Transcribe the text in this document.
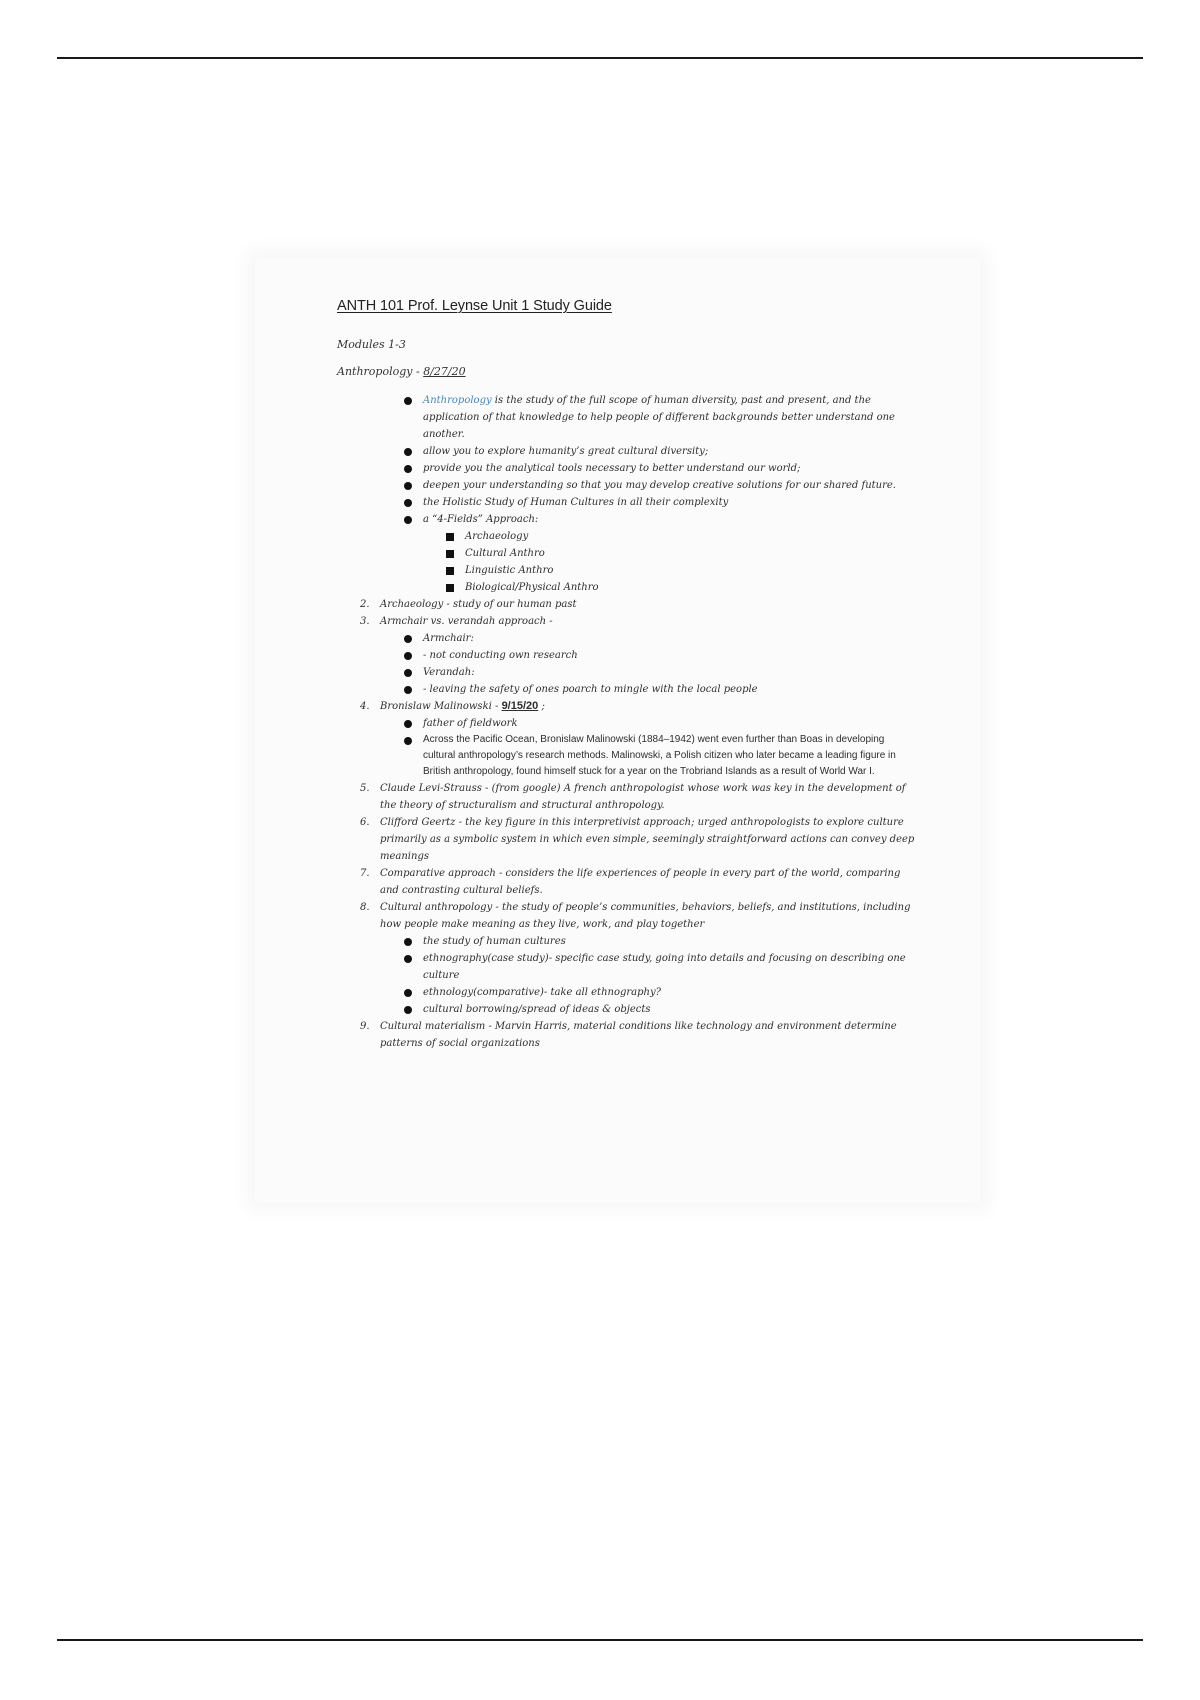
ANTH 101 Prof. Leynse Unit 1 Study Guide
Modules 1-3
Anthropology - 8/27/20
Anthropology is the study of the full scope of human diversity, past and present, and the application of that knowledge to help people of different backgrounds better understand one another.
allow you to explore humanity’s great cultural diversity;
provide you the analytical tools necessary to better understand our world;
deepen your understanding so that you may develop creative solutions for our shared future.
the Holistic Study of Human Cultures in all their complexity
a “4-Fields” Approach:
Archaeology
Cultural Anthro
Linguistic Anthro
Biological/Physical Anthro
2. Archaeology - study of our human past
3. Armchair vs. verandah approach -
Armchair:
- not conducting own research
Verandah:
- leaving the safety of ones poarch to mingle with the local people
4. Bronislaw Malinowski - 9/15/20 ;
father of fieldwork
Across the Pacific Ocean, Bronislaw Malinowski (1884–1942) went even further than Boas in developing cultural anthropology’s research methods. Malinowski, a Polish citizen who later became a leading figure in British anthropology, found himself stuck for a year on the Trobriand Islands as a result of World War I.
5. Claude Levi-Strauss - (from google) A french anthropologist whose work was key in the development of the theory of structuralism and structural anthropology.
6. Clifford Geertz - the key figure in this interpretivist approach; urged anthropologists to explore culture primarily as a symbolic system in which even simple, seemingly straightforward actions can convey deep meanings
7. Comparative approach - considers the life experiences of people in every part of the world, comparing and contrasting cultural beliefs.
8. Cultural anthropology - the study of people’s communities, behaviors, beliefs, and institutions, including how people make meaning as they live, work, and play together
the study of human cultures
ethnography(case study)- specific case study, going into details and focusing on describing one culture
ethnology(comparative)- take all ethnography?
cultural borrowing/spread of ideas & objects
9. Cultural materialism - Marvin Harris, material conditions like technology and environment determine patterns of social organizations
